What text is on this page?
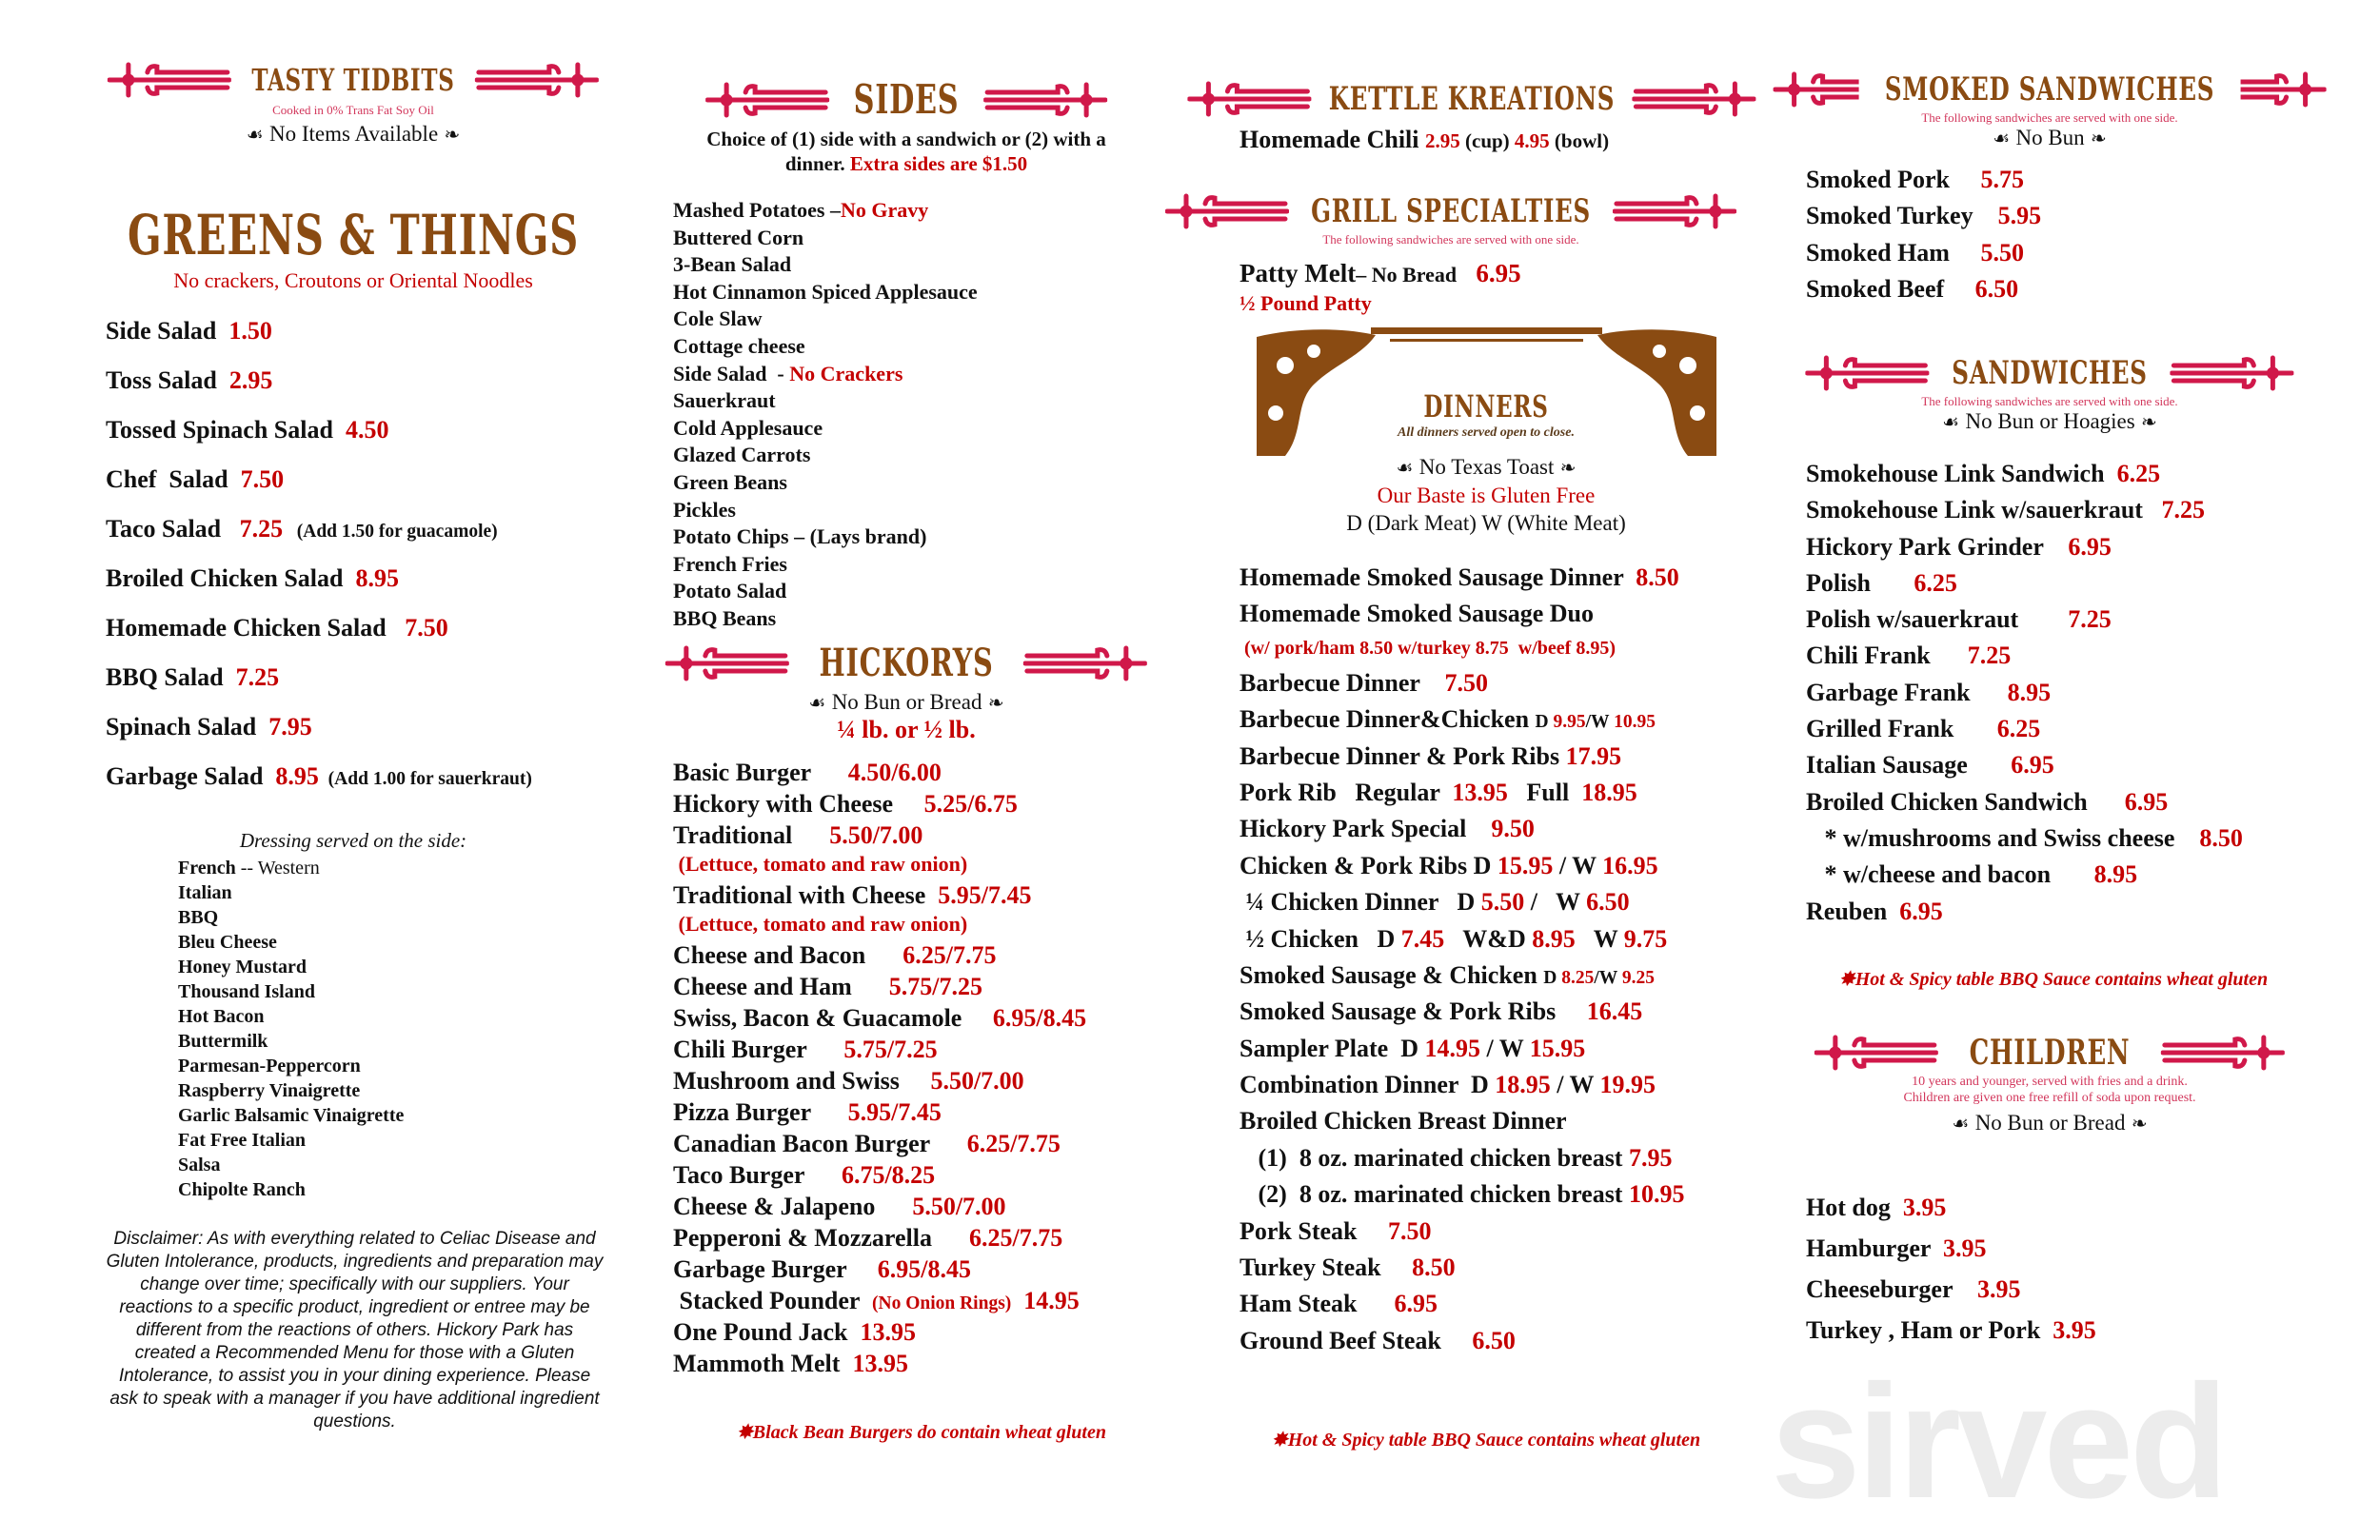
TASTY TIDBITS
Cooked in 0% Trans Fat Soy Oil
☙ No Items Available ❧
GREENS & THINGS
No crackers, Croutons or Oriental Noodles
Side Salad  1.50
Toss Salad  2.95
Tossed Spinach Salad  4.50
Chef  Salad  7.50
Taco Salad   7.25   (Add 1.50 for guacamole)
Broiled Chicken Salad  8.95
Homemade Chicken Salad   7.50
BBQ Salad  7.25
Spinach Salad  7.95
Garbage Salad  8.95  (Add 1.00 for sauerkraut)
Dressing served on the side:
French -- Western
Italian
BBQ
Bleu Cheese
Honey Mustard
Thousand Island
Hot Bacon
Buttermilk
Parmesan-Peppercorn
Raspberry Vinaigrette
Garlic Balsamic Vinaigrette
Fat Free Italian
Salsa
Chipolte Ranch
Disclaimer: As with everything related to Celiac Disease and Gluten Intolerance, products, ingredients and preparation may change over time; specifically with our suppliers. Your reactions to a specific product, ingredient or entree may be different from the reactions of others. Hickory Park has created a Recommended Menu for those with a Gluten Intolerance, to assist you in your dining experience. Please ask to speak with a manager if you have additional ingredient questions.
SIDES
Choice of (1) side with a sandwich or (2) with a
dinner. Extra sides are $1.50
Mashed Potatoes –No Gravy
Buttered Corn
3-Bean Salad
Hot Cinnamon Spiced Applesauce
Cole Slaw
Cottage cheese
Side Salad  - No Crackers
Sauerkraut
Cold Applesauce
Glazed Carrots
Green Beans
Pickles
Potato Chips – (Lays brand)
French Fries
Potato Salad
BBQ Beans
HICKORYS
☙ No Bun or Bread ❧
¼ lb. or ½ lb.
Basic Burger      4.50/6.00
Hickory with Cheese     5.25/6.75
Traditional      5.50/7.00
(Lettuce, tomato and raw onion)
Traditional with Cheese  5.95/7.45
(Lettuce, tomato and raw onion)
Cheese and Bacon      6.25/7.75
Cheese and Ham      5.75/7.25
Swiss, Bacon & Guacamole     6.95/8.45
Chili Burger      5.75/7.25
Mushroom and Swiss     5.50/7.00
Pizza Burger      5.95/7.45
Canadian Bacon Burger      6.25/7.75
Taco Burger      6.75/8.25
Cheese & Jalapeno      5.50/7.00
Pepperoni & Mozzarella      6.25/7.75
Garbage Burger     6.95/8.45
Stacked Pounder  (No Onion Rings)  14.95
One Pound Jack  13.95
Mammoth Melt  13.95
✸Black Bean Burgers do contain wheat gluten
KETTLE KREATIONS
Homemade Chili 2.95 (cup) 4.95 (bowl)
GRILL SPECIALTIES
The following sandwiches are served with one side.
Patty Melt– No Bread 6.95
½ Pound Patty
DINNERS
All dinners served open to close.
☙ No Texas Toast ❧
Our Baste is Gluten Free
D (Dark Meat) W (White Meat)
Homemade Smoked Sausage Dinner  8.50
Homemade Smoked Sausage Duo
(w/ pork/ham 8.50 w/turkey 8.75  w/beef 8.95)
Barbecue Dinner    7.50
Barbecue Dinner&Chicken D 9.95/W 10.95
Barbecue Dinner & Pork Ribs 17.95
Pork Rib   Regular  13.95   Full  18.95
Hickory Park Special    9.50
Chicken & Pork Ribs D 15.95 / W 16.95
¼ Chicken Dinner   D 5.50 /   W 6.50
½ Chicken   D 7.45   W&D 8.95   W 9.75
Smoked Sausage & Chicken D 8.25/W 9.25
Smoked Sausage & Pork Ribs     16.45
Sampler Plate  D 14.95 / W 15.95
Combination Dinner  D 18.95 / W 19.95
Broiled Chicken Breast Dinner
(1)  8 oz. marinated chicken breast 7.95
(2)  8 oz. marinated chicken breast 10.95
Pork Steak     7.50
Turkey Steak     8.50
Ham Steak      6.95
Ground Beef Steak     6.50
✸Hot & Spicy table BBQ Sauce contains wheat gluten
SMOKED SANDWICHES
The following sandwiches are served with one side.
☙ No Bun ❧
Smoked Pork     5.75
Smoked Turkey    5.95
Smoked Ham     5.50
Smoked Beef     6.50
SANDWICHES
The following sandwiches are served with one side.
☙ No Bun or Hoagies ❧
Smokehouse Link Sandwich  6.25
Smokehouse Link w/sauerkraut   7.25
Hickory Park Grinder    6.95
Polish       6.25
Polish w/sauerkraut        7.25
Chili Frank      7.25
Garbage Frank      8.95
Grilled Frank       6.25
Italian Sausage       6.95
Broiled Chicken Sandwich      6.95
* w/mushrooms and Swiss cheese    8.50
* w/cheese and bacon       8.95
Reuben  6.95
✸Hot & Spicy table BBQ Sauce contains wheat gluten
CHILDREN
10 years and younger, served with fries and a drink.
Children are given one free refill of soda upon request.
☙ No Bun or Bread ❧
Hot dog  3.95
Hamburger  3.95
Cheeseburger    3.95
Turkey , Ham or Pork  3.95
sirved
